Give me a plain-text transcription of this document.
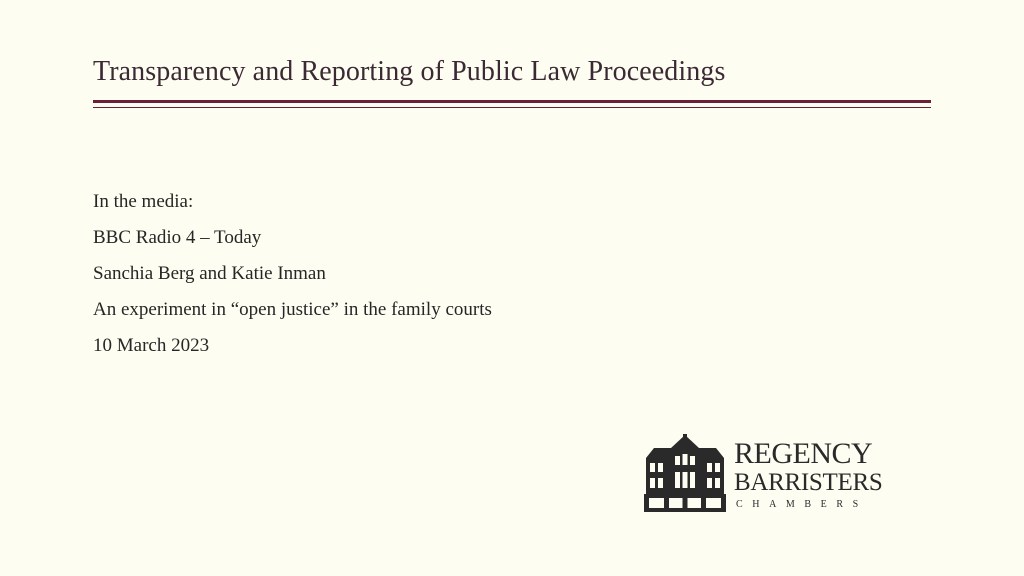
Transparency and Reporting of Public Law Proceedings
In the media:
BBC Radio 4 – Today
Sanchia Berg and Katie Inman
An experiment in “open justice” in the family courts
10 March 2023
REGENCY
BARRISTERS
CHAMBERS
